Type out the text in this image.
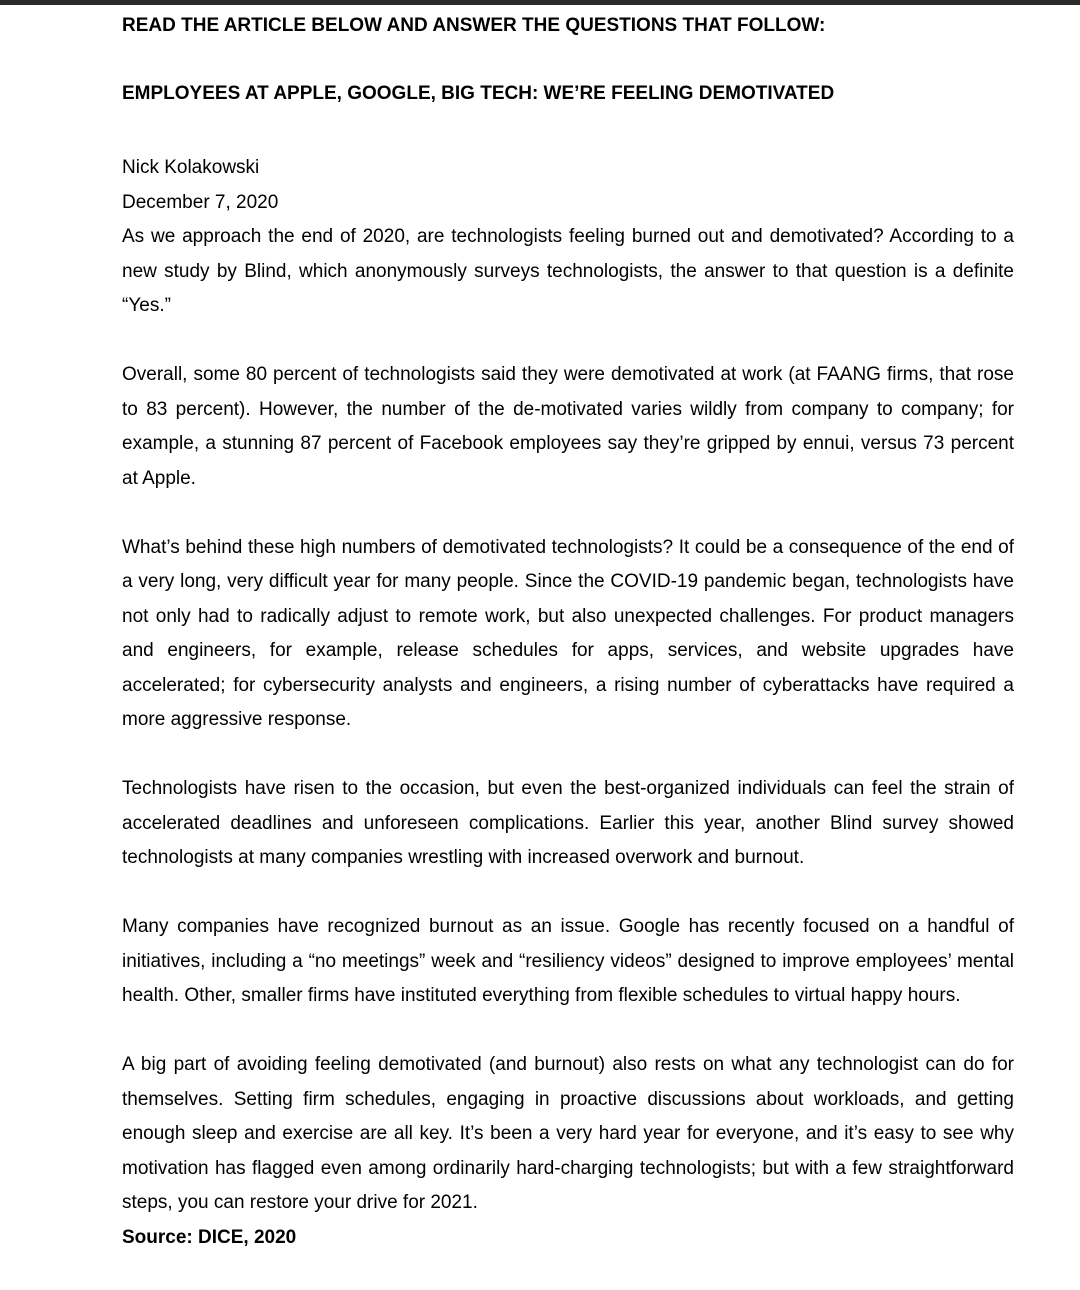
READ THE ARTICLE BELOW AND ANSWER THE QUESTIONS THAT FOLLOW:

EMPLOYEES AT APPLE, GOOGLE, BIG TECH: WE’RE FEELING DEMOTIVATED

Nick Kolakowski

December 7, 2020

As we approach the end of 2020, are technologists feeling burned out and demotivated? According to a new study by Blind, which anonymously surveys technologists, the answer to that question is a definite “Yes.”

Overall, some 80 percent of technologists said they were demotivated at work (at FAANG firms, that rose to 83 percent). However, the number of the de-motivated varies wildly from company to company; for example, a stunning 87 percent of Facebook employees say they’re gripped by ennui, versus 73 percent at Apple.

What’s behind these high numbers of demotivated technologists? It could be a consequence of the end of a very long, very difficult year for many people. Since the COVID-19 pandemic began, technologists have not only had to radically adjust to remote work, but also unexpected challenges. For product managers and engineers, for example, release schedules for apps, services, and website upgrades have accelerated; for cybersecurity analysts and engineers, a rising number of cyberattacks have required a more aggressive response.

Technologists have risen to the occasion, but even the best-organized individuals can feel the strain of accelerated deadlines and unforeseen complications. Earlier this year, another Blind survey showed technologists at many companies wrestling with increased overwork and burnout.

Many companies have recognized burnout as an issue. Google has recently focused on a handful of initiatives, including a “no meetings” week and “resiliency videos” designed to improve employees’ mental health. Other, smaller firms have instituted everything from flexible schedules to virtual happy hours.

A big part of avoiding feeling demotivated (and burnout) also rests on what any technologist can do for themselves. Setting firm schedules, engaging in proactive discussions about workloads, and getting enough sleep and exercise are all key. It’s been a very hard year for everyone, and it’s easy to see why motivation has flagged even among ordinarily hard-charging technologists; but with a few straightforward steps, you can restore your drive for 2021.

Source: DICE, 2020
